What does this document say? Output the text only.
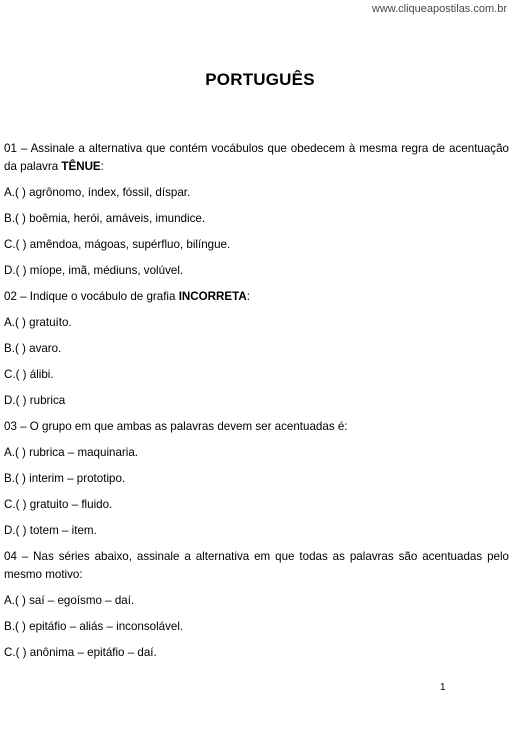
www.cliqueapostilas.com.br
PORTUGUÊS

01 – Assinale a alternativa que contém vocábulos que obedecem à mesma regra de acentuação da palavra TÊNUE:

A.( ) agrônomo, índex, fóssil, díspar.

B.( ) boêmia, herói, amáveis, imundice.

C.( ) amêndoa, mágoas, supérfluo, bilíngue.

D.( ) míope, imã, médiuns, volúvel.

02 – Indique o vocábulo de grafia INCORRETA:

A.( ) gratuíto.

B.( ) avaro.

C.( ) álibi.

D.( ) rubrica

03 – O grupo em que ambas as palavras devem ser acentuadas é:

A.( ) rubrica – maquinaria.

B.( ) interim – prototipo.

C.( ) gratuito – fluido.

D.( ) totem – item.

04 – Nas séries abaixo, assinale a alternativa em que todas as palavras são acentuadas pelo mesmo motivo:

A.( ) saí – egoísmo – daí.

B.( ) epitáfio – aliás – inconsolável.

C.( ) anônima – epitáfio – daí.

1
